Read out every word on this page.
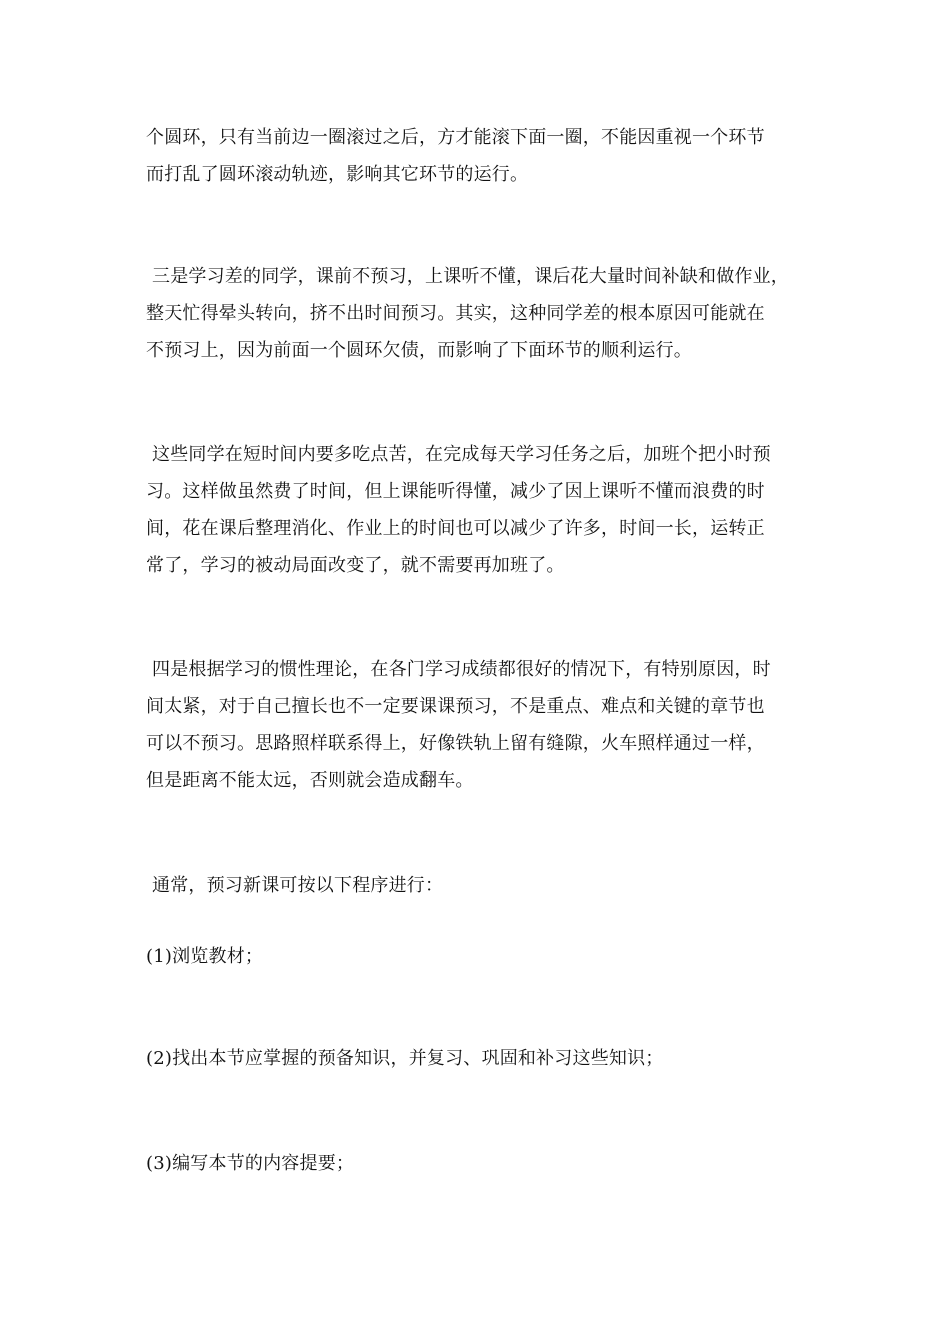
个圆环，只有当前边一圈滚过之后，方才能滚下面一圈，不能因重视一个环节
而打乱了圆环滚动轨迹，影响其它环节的运行。
三是学习差的同学，课前不预习，上课听不懂，课后花大量时间补缺和做作业，
整天忙得晕头转向，挤不出时间预习。其实，这种同学差的根本原因可能就在
不预习上，因为前面一个圆环欠债，而影响了下面环节的顺利运行。
这些同学在短时间内要多吃点苦，在完成每天学习任务之后，加班个把小时预
习。这样做虽然费了时间，但上课能听得懂，减少了因上课听不懂而浪费的时
间，花在课后整理消化、作业上的时间也可以减少了许多，时间一长，运转正
常了，学习的被动局面改变了，就不需要再加班了。
四是根据学习的惯性理论，在各门学习成绩都很好的情况下，有特别原因，时
间太紧，对于自己擅长也不一定要课课预习，不是重点、难点和关键的章节也
可以不预习。思路照样联系得上，好像铁轨上留有缝隙，火车照样通过一样，
但是距离不能太远，否则就会造成翻车。
通常，预习新课可按以下程序进行：
(1)浏览教材；
(2)找出本节应掌握的预备知识，并复习、巩固和补习这些知识；
(3)编写本节的内容提要；
